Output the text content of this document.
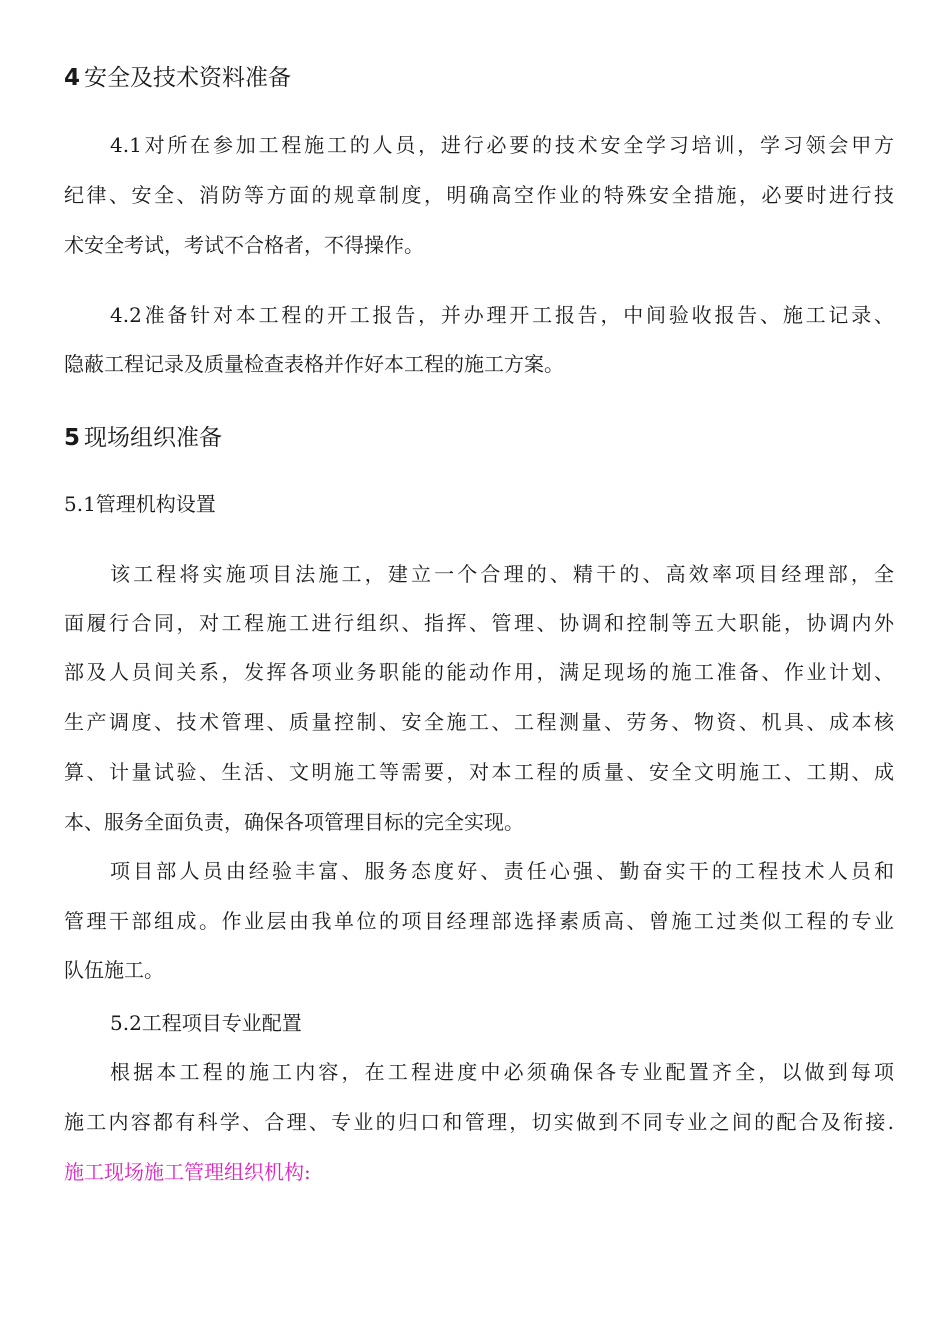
4 安全及技术资料准备
4.1对所在参加工程施工的人员，进行必要的技术安全学习培训，学习领会甲方
纪律、安全、消防等方面的规章制度，明确高空作业的特殊安全措施，必要时进行技
术安全考试，考试不合格者，不得操作。
4.2准备针对本工程的开工报告，并办理开工报告，中间验收报告、施工记录、
隐蔽工程记录及质量检查表格并作好本工程的施工方案。
5 现场组织准备
5.1管理机构设置
该工程将实施项目法施工，建立一个合理的、精干的、高效率项目经理部，全
面履行合同，对工程施工进行组织、指挥、管理、协调和控制等五大职能，协调内外
部及人员间关系，发挥各项业务职能的能动作用，满足现场的施工准备、作业计划、
生产调度、技术管理、质量控制、安全施工、工程测量、劳务、物资、机具、成本核
算、计量试验、生活、文明施工等需要，对本工程的质量、安全文明施工、工期、成
本、服务全面负责，确保各项管理目标的完全实现。
项目部人员由经验丰富、服务态度好、责任心强、勤奋实干的工程技术人员和
管理干部组成。作业层由我单位的项目经理部选择素质高、曾施工过类似工程的专业
队伍施工。
5.2工程项目专业配置
根据本工程的施工内容，在工程进度中必须确保各专业配置齐全，以做到每项
施工内容都有科学、合理、专业的归口和管理，切实做到不同专业之间的配合及衔接.
施工现场施工管理组织机构:
